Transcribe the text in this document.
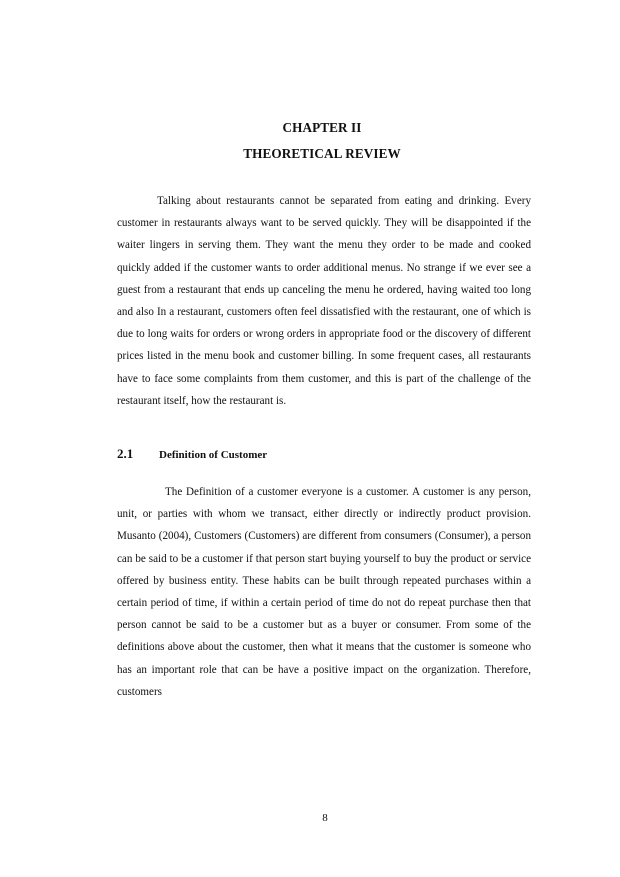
CHAPTER II
THEORETICAL REVIEW

Talking about restaurants cannot be separated from eating and drinking. Every customer in restaurants always want to be served quickly. They will be disappointed if the waiter lingers in serving them. They want the menu they order to be made and cooked quickly added if the customer wants to order additional menus. No strange if we ever see a guest from a restaurant that ends up canceling the menu he ordered, having waited too long and also In a restaurant, customers often feel dissatisfied with the restaurant, one of which is due to long waits for orders or wrong orders in appropriate food or the discovery of different prices listed in the menu book and customer billing. In some frequent cases, all restaurants have to face some complaints from them customer, and this is part of the challenge of the restaurant itself, how the restaurant is.

2.1 Definition of Customer

The Definition of a customer everyone is a customer. A customer is any person, unit, or parties with whom we transact, either directly or indirectly product provision. Musanto (2004), Customers (Customers) are different from consumers (Consumer), a person can be said to be a customer if that person start buying yourself to buy the product or service offered by business entity. These habits can be built through repeated purchases within a certain period of time, if within a certain period of time do not do repeat purchase then that person cannot be said to be a customer but as a buyer or consumer. From some of the definitions above about the customer, then what it means that the customer is someone who has an important role that can be have a positive impact on the organization. Therefore, customers

8
